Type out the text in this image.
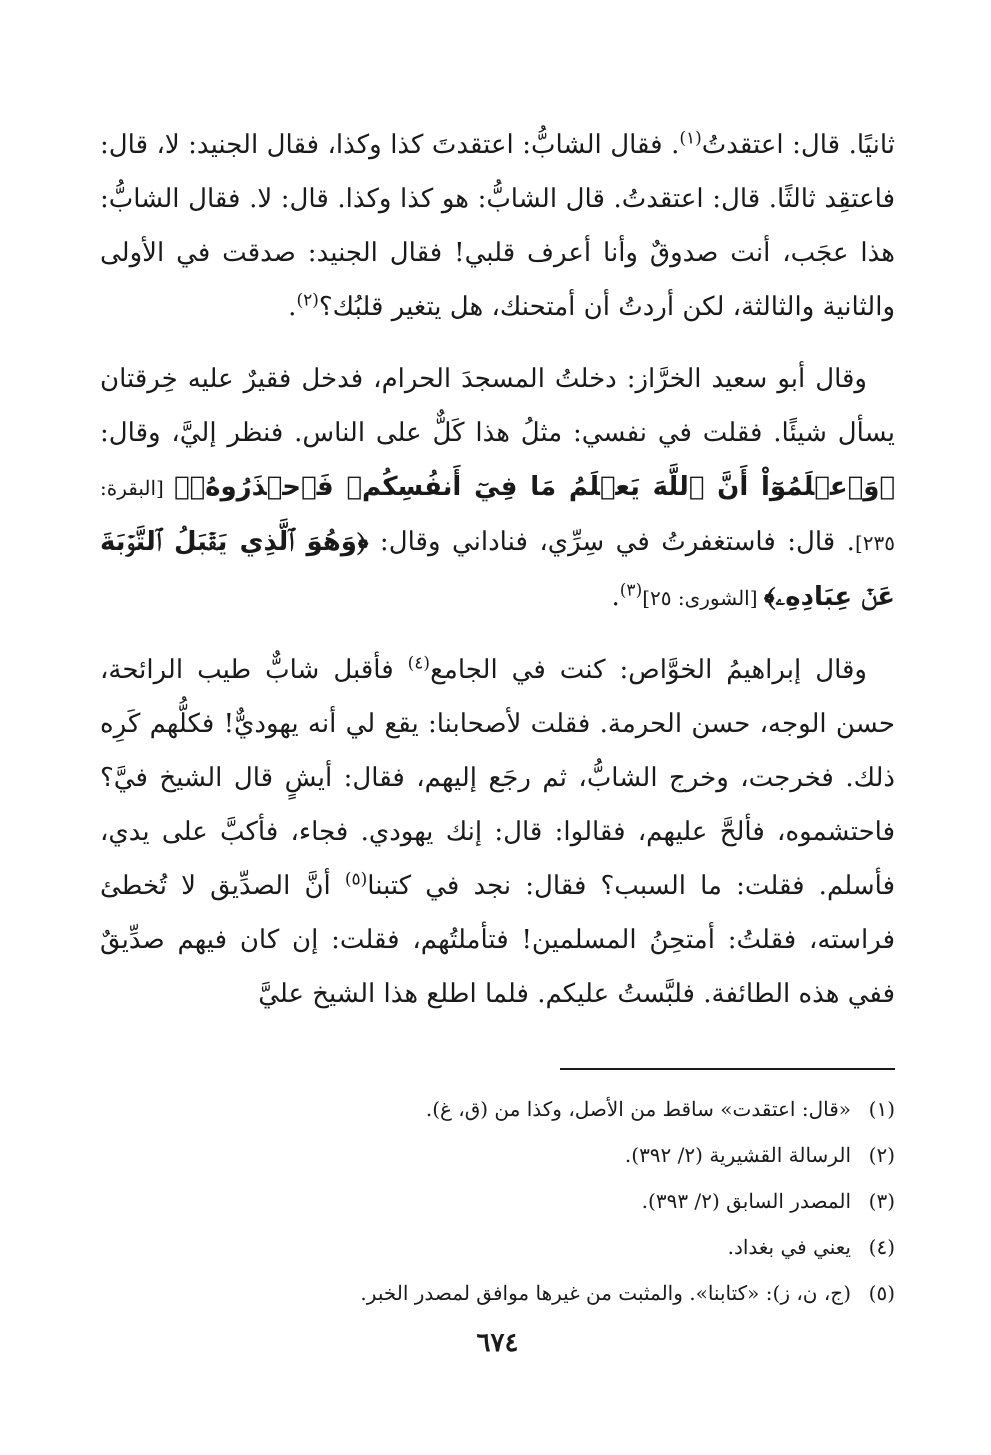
ثانيًا. قال: اعتقدتُ$^{(١)}$. فقال الشابُّ: اعتقدتَ كذا وكذا، فقال الجنيد: لا، قال: فاعتقِد ثالثًا. قال: اعتقدتُ. قال الشابُّ: هو كذا وكذا. قال: لا. فقال الشابُّ: هذا عجَب، أنت صدوقٌ وأنا أعرف قلبي! فقال الجنيد: صدقت في الأولى والثانية والثالثة، لكن أردتُ أن أمتحنك، هل يتغير قلبُك؟$^{(٢)}$.

وقال أبو سعيد الخرَّاز: دخلتُ المسجدَ الحرام، فدخل فقيرٌ عليه خِرقتان يسأل شيئًا. فقلت في نفسي: مثلُ هذا كَلٌّ على الناس. فنظر إليَّ، وقال: ﴿وَٱعۡلَمُوٓاْ أَنَّ ٱللَّهَ يَعۡلَمُ مَا فِيٓ أَنفُسِكُمۡ فَٱحۡذَرُوهُۚ﴾ [البقرة: ٢٣٥]. قال: فاستغفرتُ في سِرِّي، فناداني وقال: ﴿وَهُوَ ٱلَّذِي يَقۡبَلُ ٱلتَّوۡبَةَ عَنۡ عِبَادِهِۦ﴾ [الشورى: ٢٥]$^{(٣)}$.

وقال إبراهيمُ الخوَّاص: كنت في الجامع$^{(٤)}$ فأقبل شابٌّ طيب الرائحة، حسن الوجه، حسن الحرمة. فقلت لأصحابنا: يقع لي أنه يهوديٌّ! فكلُّهم كَرِه ذلك. فخرجت، وخرج الشابُّ، ثم رجَع إليهم، فقال: أيشٍ قال الشيخ فيَّ؟ فاحتشموه، فألحَّ عليهم، فقالوا: قال: إنك يهودي. فجاء، فأكبَّ على يدي، فأسلم. فقلت: ما السبب؟ فقال: نجد في كتبنا$^{(٥)}$ أنَّ الصدِّيق لا تُخطئ فراسته، فقلتُ: أمتحِنُ المسلمين! فتأملتُهم، فقلت: إن كان فيهم صدِّيقٌ ففي هذه الطائفة. فلبَّستُ عليكم. فلما اطلع هذا الشيخ عليَّ

(١)«قال: اعتقدت» ساقط من الأصل، وكذا من (ق، غ).
(٢)الرسالة القشيرية (٢/ ٣٩٢).
(٣)المصدر السابق (٢/ ٣٩٣).
(٤)يعني في بغداد.
(٥)(ج، ن، ز): «كتابنا». والمثبت من غيرها موافق لمصدر الخبر.
٦٧٤
